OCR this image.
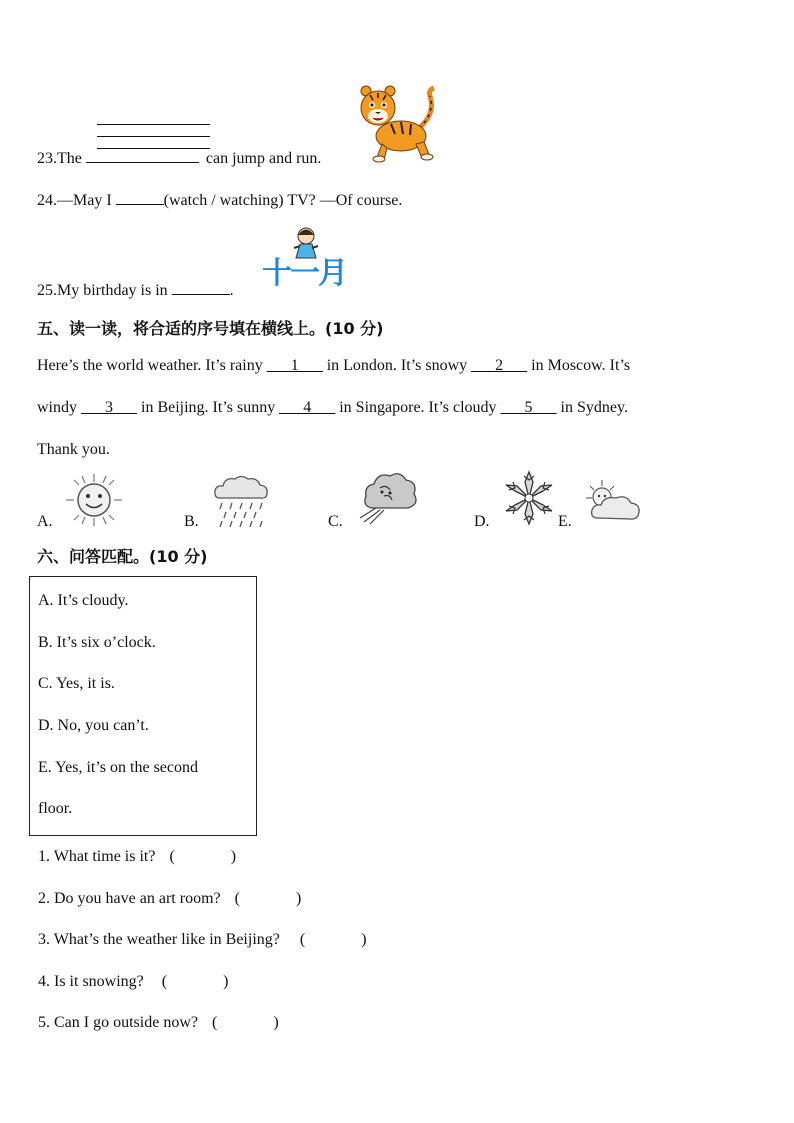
23.The	can jump and run.
24.—May I	(watch / watching) TV? —Of course.
25.My birthday is in	. 十一月
五、读一读，将合适的序号填在横线上。(10 分)
Here’s the world weather. It’s rainy ___1___ in London. It’s snowy ___2___ in Moscow. It’s
windy ___3___ in Beijing. It’s sunny ___4___ in Singapore. It’s cloudy ___5___ in Sydney.
Thank you.
A.	B.	C.	D.	E.
六、问答匹配。(10 分)
A. It’s cloudy.
B. It’s six o’clock.
C. Yes, it is.
D. No, you can’t.
E. Yes, it’s on the second
floor.
1. What time is it? (	)
2. Do you have an art room? (	)
3. What’s the weather like in Beijing? (	)
4. Is it snowing? (	)
5. Can I go outside now? (	)
